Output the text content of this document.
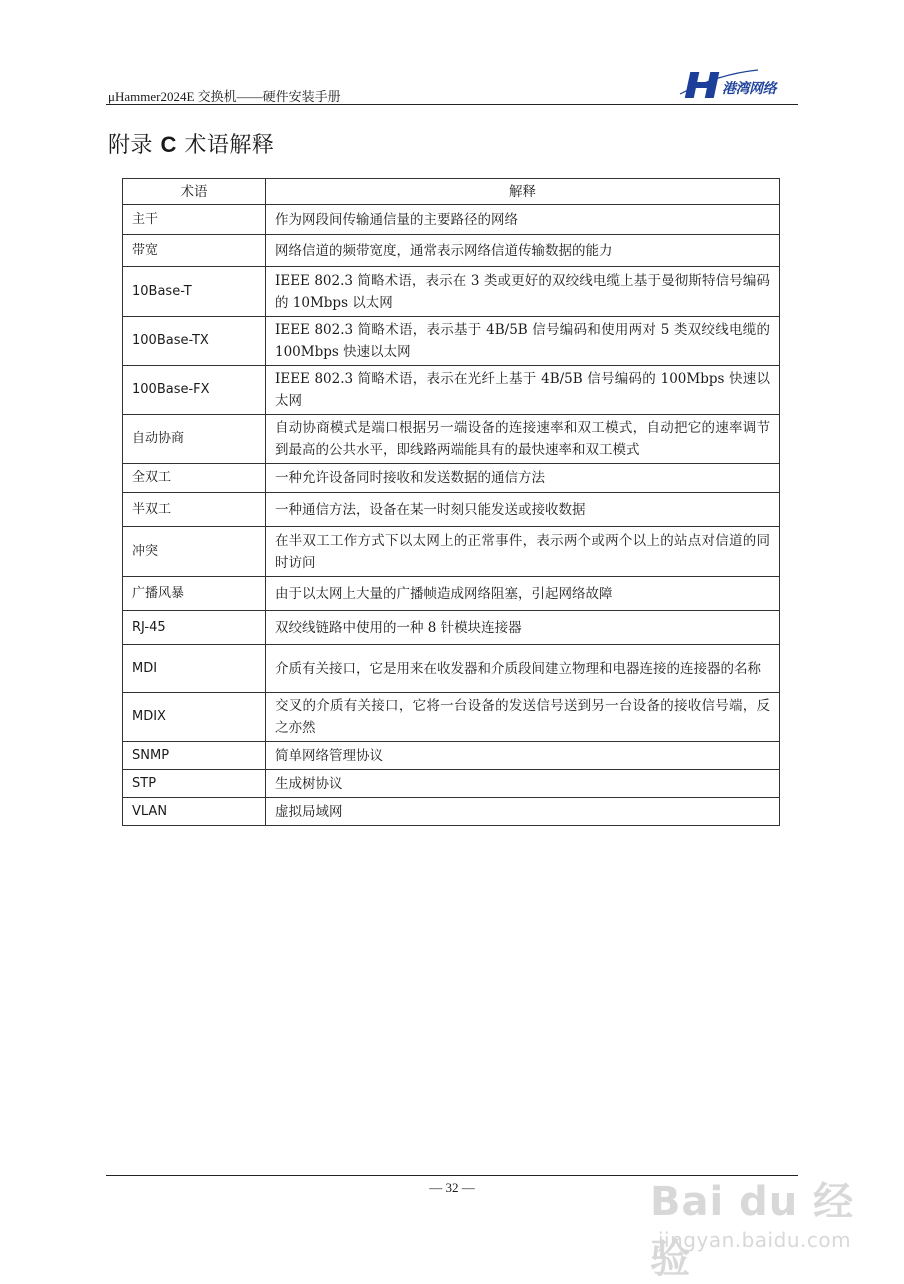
μHammer2024E 交换机——硬件安装手册	港湾网络
附录 C 术语解释
术语	解释
主干	作为网段间传输通信量的主要路径的网络
带宽	网络信道的频带宽度，通常表示网络信道传输数据的能力
10Base-T	IEEE 802.3 简略术语，表示在 3 类或更好的双绞线电缆上基于曼彻斯特信号编码的 10Mbps 以太网
100Base-TX	IEEE 802.3 简略术语，表示基于 4B/5B 信号编码和使用两对 5 类双绞线电缆的 100Mbps 快速以太网
100Base-FX	IEEE 802.3 简略术语，表示在光纤上基于 4B/5B 信号编码的 100Mbps 快速以太网
自动协商	自动协商模式是端口根据另一端设备的连接速率和双工模式，自动把它的速率调节到最高的公共水平，即线路两端能具有的最快速率和双工模式
全双工	一种允许设备同时接收和发送数据的通信方法
半双工	一种通信方法，设备在某一时刻只能发送或接收数据
冲突	在半双工工作方式下以太网上的正常事件，表示两个或两个以上的站点对信道的同时访问
广播风暴	由于以太网上大量的广播帧造成网络阻塞，引起网络故障
RJ-45	双绞线链路中使用的一种 8 针模块连接器
MDI	介质有关接口，它是用来在收发器和介质段间建立物理和电器连接的连接器的名称
MDIX	交叉的介质有关接口，它将一台设备的发送信号送到另一台设备的接收信号端，反之亦然
SNMP	简单网络管理协议
STP	生成树协议
VLAN	虚拟局域网
— 32 —	Bai du 经验
jingyan.baidu.com
